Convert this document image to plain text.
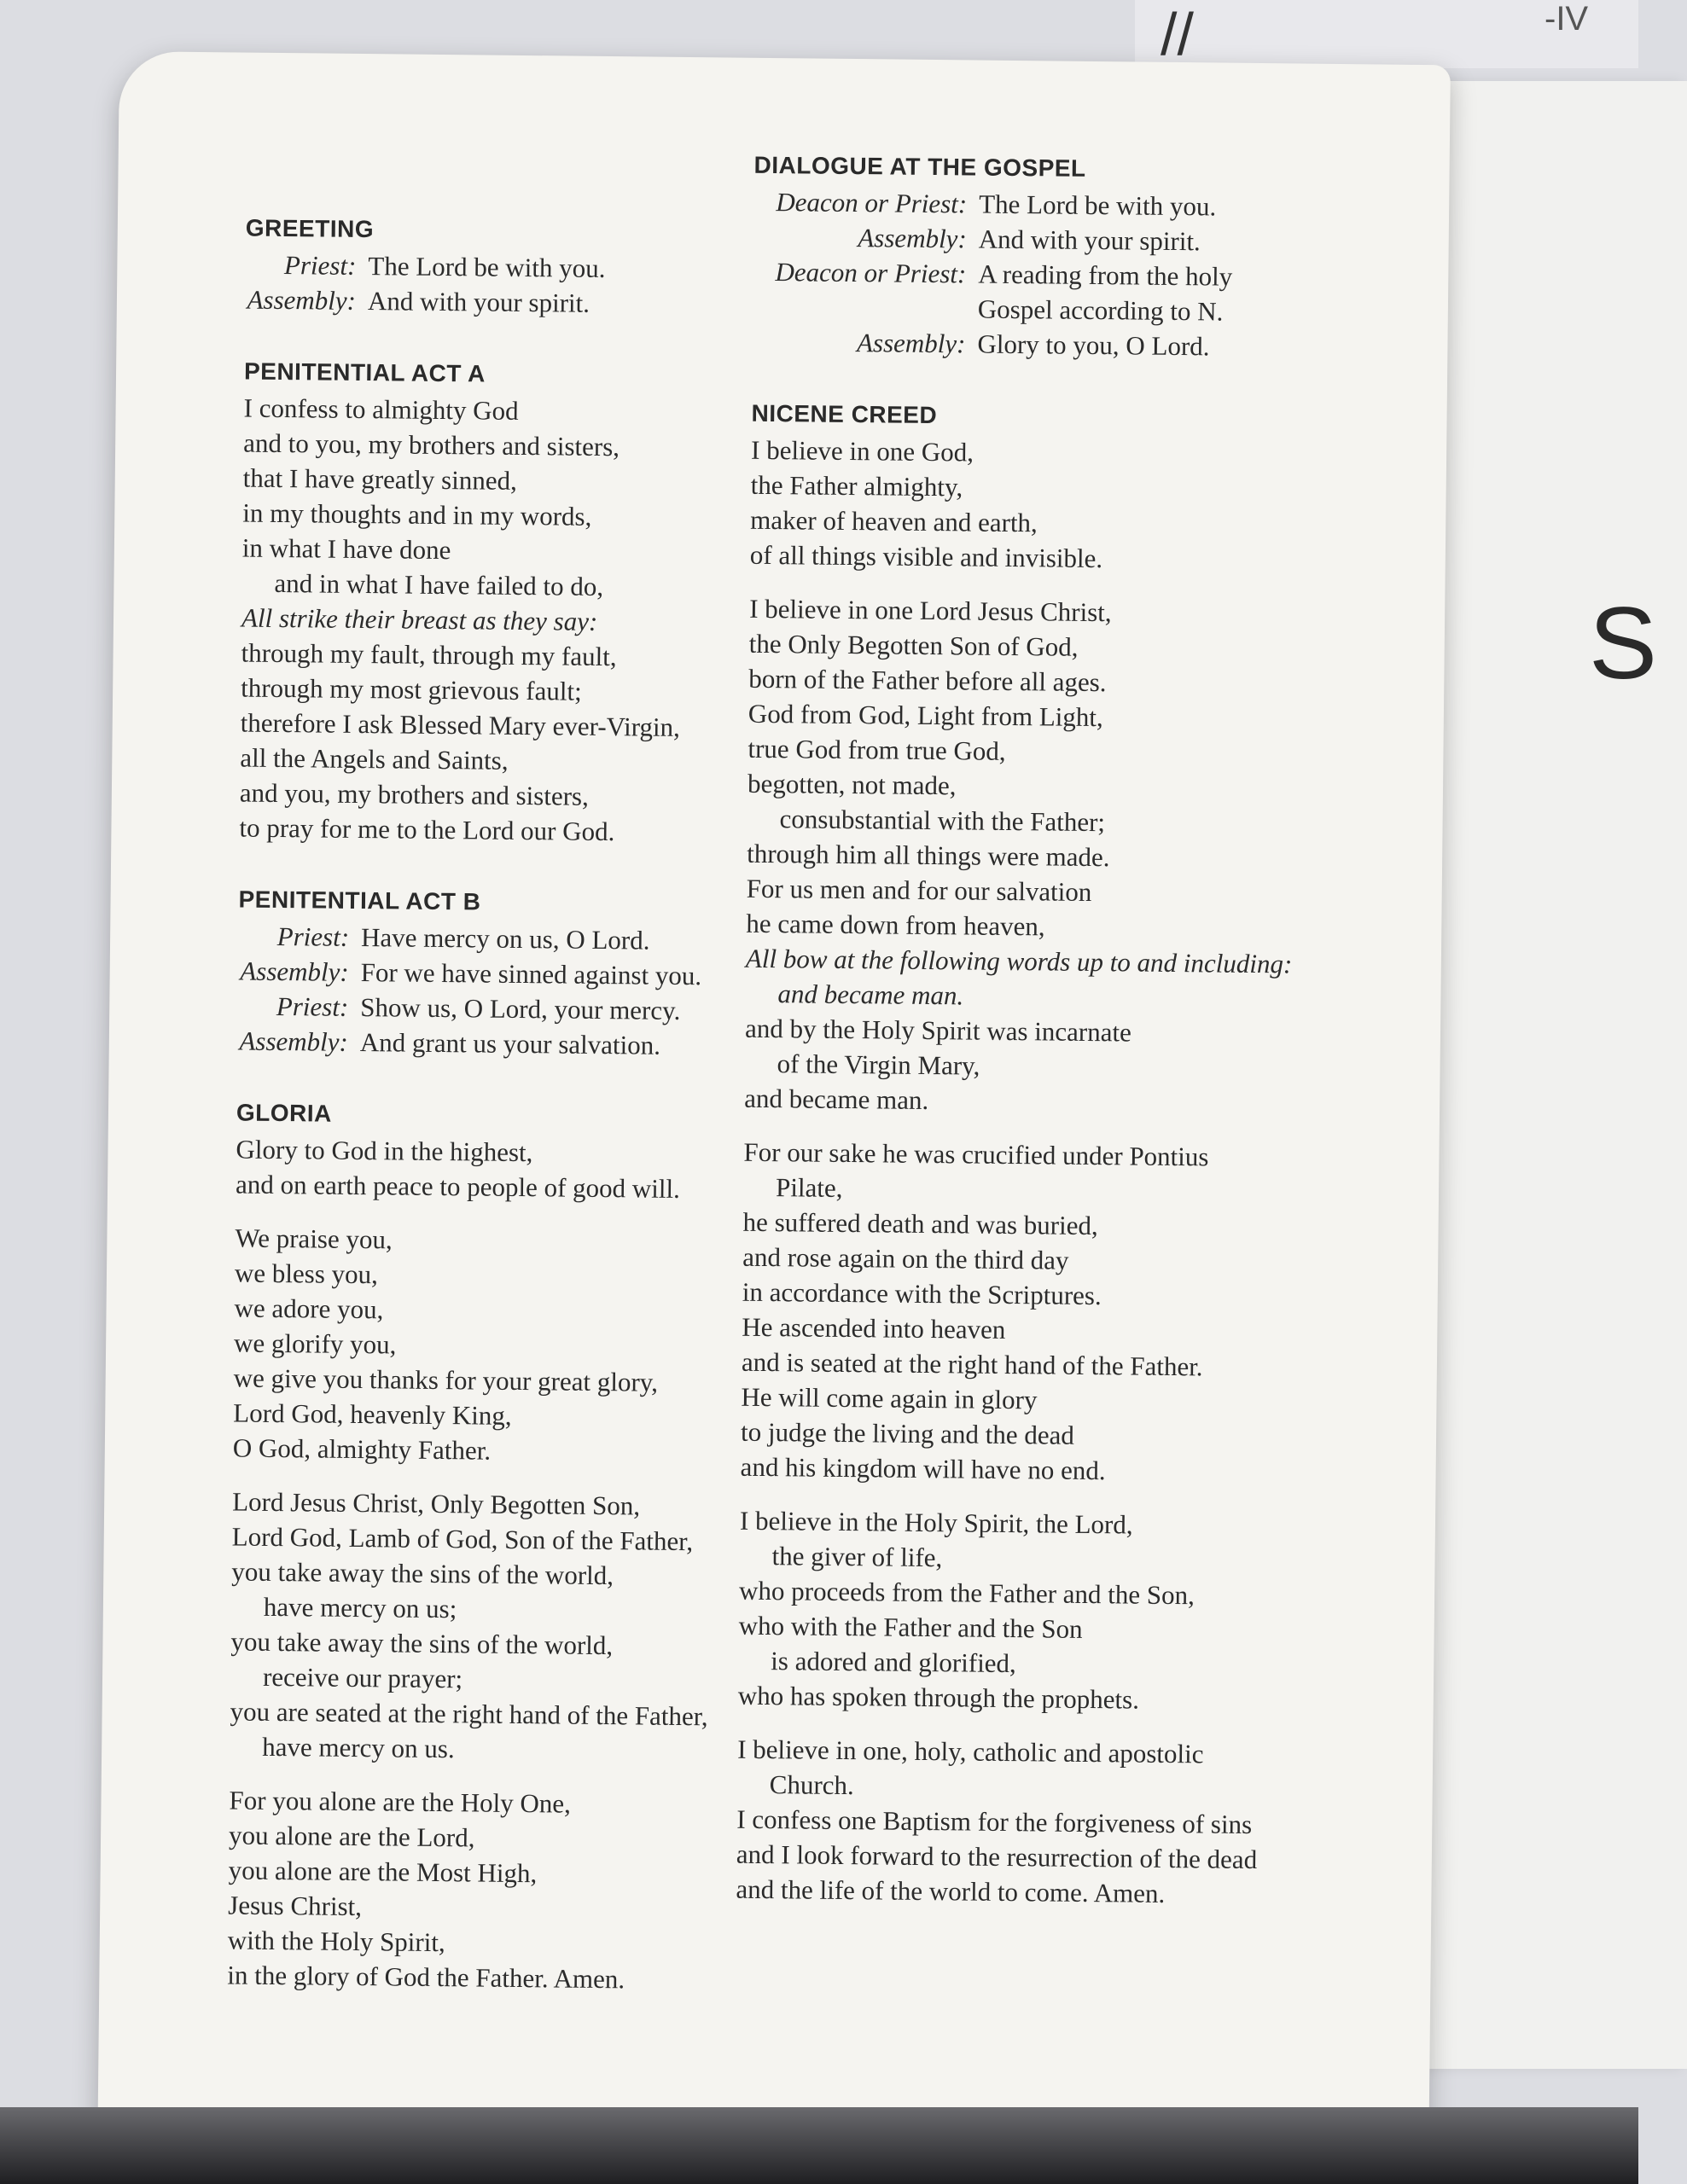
//	-IV
S
GREETING
Priest: The Lord be with you.
Assembly: And with your spirit.
PENITENTIAL ACT A
I confess to almighty God
and to you, my brothers and sisters,
that I have greatly sinned,
in my thoughts and in my words,
in what I have done
and in what I have failed to do,
All strike their breast as they say:
through my fault, through my fault,
through my most grievous fault;
therefore I ask Blessed Mary ever-Virgin,
all the Angels and Saints,
and you, my brothers and sisters,
to pray for me to the Lord our God.
PENITENTIAL ACT B
Priest: Have mercy on us, O Lord.
Assembly: For we have sinned against you.
Priest: Show us, O Lord, your mercy.
Assembly: And grant us your salvation.
GLORIA
Glory to God in the highest,
and on earth peace to people of good will.
We praise you,
we bless you,
we adore you,
we glorify you,
we give you thanks for your great glory,
Lord God, heavenly King,
O God, almighty Father.
Lord Jesus Christ, Only Begotten Son,
Lord God, Lamb of God, Son of the Father,
you take away the sins of the world,
have mercy on us;
you take away the sins of the world,
receive our prayer;
you are seated at the right hand of the Father,
have mercy on us.
For you alone are the Holy One,
you alone are the Lord,
you alone are the Most High,
Jesus Christ,
with the Holy Spirit,
in the glory of God the Father. Amen.
DIALOGUE AT THE GOSPEL
Deacon or Priest: The Lord be with you.
Assembly: And with your spirit.
Deacon or Priest: A reading from the holy
Gospel according to N.
Assembly: Glory to you, O Lord.
NICENE CREED
I believe in one God,
the Father almighty,
maker of heaven and earth,
of all things visible and invisible.
I believe in one Lord Jesus Christ,
the Only Begotten Son of God,
born of the Father before all ages.
God from God, Light from Light,
true God from true God,
begotten, not made,
consubstantial with the Father;
through him all things were made.
For us men and for our salvation
he came down from heaven,
All bow at the following words up to and including:
and became man.
and by the Holy Spirit was incarnate
of the Virgin Mary,
and became man.
For our sake he was crucified under Pontius
Pilate,
he suffered death and was buried,
and rose again on the third day
in accordance with the Scriptures.
He ascended into heaven
and is seated at the right hand of the Father.
He will come again in glory
to judge the living and the dead
and his kingdom will have no end.
I believe in the Holy Spirit, the Lord,
the giver of life,
who proceeds from the Father and the Son,
who with the Father and the Son
is adored and glorified,
who has spoken through the prophets.
I believe in one, holy, catholic and apostolic
Church.
I confess one Baptism for the forgiveness of sins
and I look forward to the resurrection of the dead
and the life of the world to come. Amen.
